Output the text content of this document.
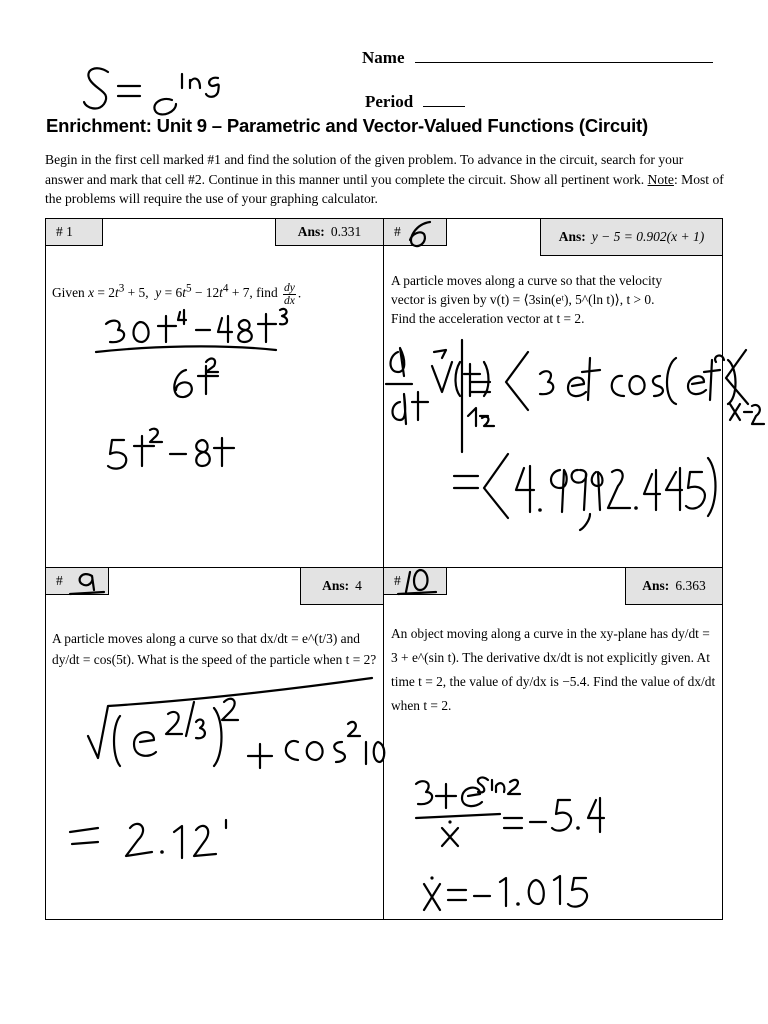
Name
Period
Enrichment: Unit 9 – Parametric and Vector-Valued Functions (Circuit)
Begin in the first cell marked #1 and find the solution of the given problem. To advance in the circuit, search for your answer and mark that cell #2. Continue in this manner until you complete the circuit. Show all pertinent work. Note: Most of the problems will require the use of your graphing calculator.
# 1	Ans: 0.331
Given $x = 2t^3 + 5$,  $y = 6t^5 - 12t^4 + 7$, find $\frac{dy}{dx}$ .
#	Ans: y − 5 = 0.902(x + 1)
A particle moves along a curve so that the velocity
vector is given by v(t) = ⟨3sin(eᵗ), 5^(ln t)⟩, t > 0.
Find the acceleration vector at t = 2.
#	Ans: 4
A particle moves along a curve so that dx/dt = e^(t/3) and dy/dt = cos(5t). What is the speed of the particle when t = 2?
#	Ans: 6.363
An object moving along a curve in the xy-plane has dy/dt = 3 + e^(sin t). The derivative dx/dt is not explicitly given. At time t = 2, the value of dy/dx is −5.4. Find the value of dx/dt when t = 2.
